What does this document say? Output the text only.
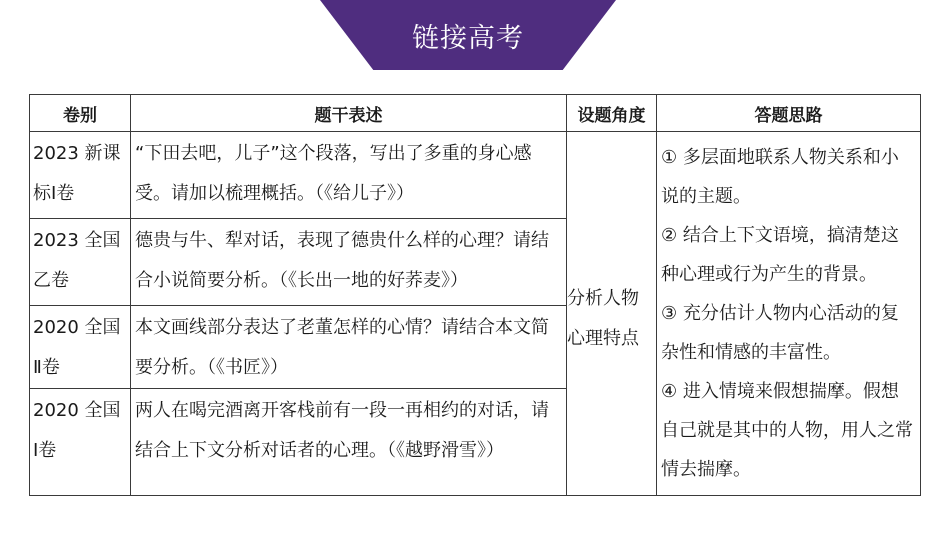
链接高考
卷别	题干表述	设题角度	答题思路

2023 新课标Ⅰ卷	“下田去吧，儿子”这个段落，写出了多重的身心感受。请加以梳理概括。（《给儿子》）	分析人物心理特点	① 多层面地联系人物关系和小说的主题。
② 结合上下文语境，搞清楚这种心理或行为产生的背景。
③ 充分估计人物内心活动的复杂性和情感的丰富性。
④ 进入情境来假想揣摩。假想自己就是其中的人物，用人之常情去揣摩。

2023 全国乙卷	德贵与牛、犁对话，表现了德贵什么样的心理？请结合小说简要分析。（《长出一地的好荞麦》）		

2020 全国Ⅱ卷	本文画线部分表达了老董怎样的心情？请结合本文简要分析。（《书匠》）		

2020 全国Ⅰ卷	两人在喝完酒离开客栈前有一段一再相约的对话，请结合上下文分析对话者的心理。（《越野滑雪》）		
